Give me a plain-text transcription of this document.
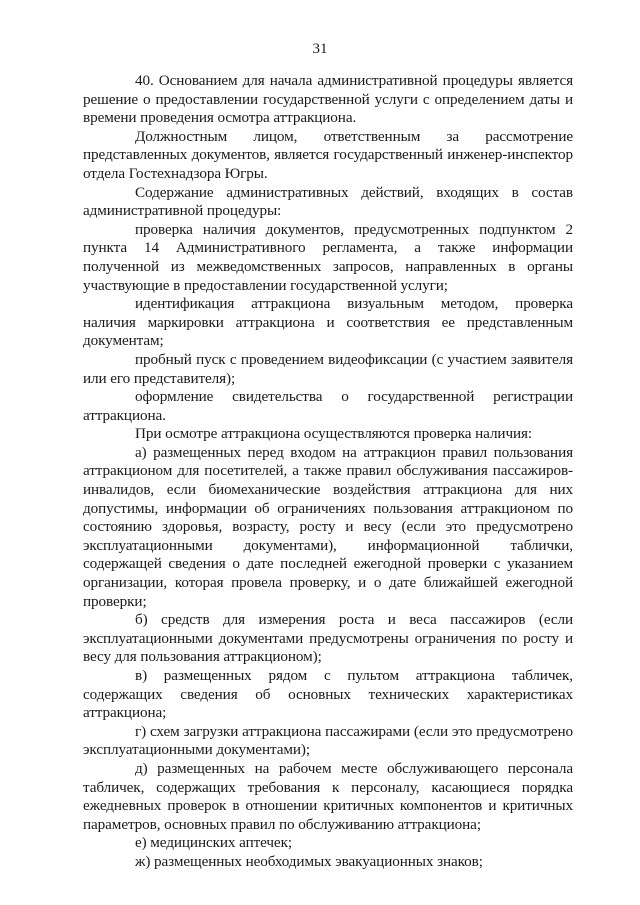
31

40. Основанием для начала административной процедуры является решение о предоставлении государственной услуги с определением даты и времени проведения осмотра аттракциона.

Должностным лицом, ответственным за рассмотрение представленных документов, является государственный инженер-инспектор отдела Гостехнадзора Югры.

Содержание административных действий, входящих в состав административной процедуры:

проверка наличия документов, предусмотренных подпунктом 2 пункта 14 Административного регламента, а также информации полученной из межведомственных запросов, направленных в органы участвующие в предоставлении государственной услуги;

идентификация аттракциона визуальным методом, проверка наличия маркировки аттракциона и соответствия ее представленным документам;

пробный пуск с проведением видеофиксации (с участием заявителя или его представителя);

оформление свидетельства о государственной регистрации аттракциона.

При осмотре аттракциона осуществляются проверка наличия:

а) размещенных перед входом на аттракцион правил пользования аттракционом для посетителей, а также правил обслуживания пассажиров-инвалидов, если биомеханические воздействия аттракциона для них допустимы, информации об ограничениях пользования аттракционом по состоянию здоровья, возрасту, росту и весу (если это предусмотрено эксплуатационными документами), информационной таблички, содержащей сведения о дате последней ежегодной проверки с указанием организации, которая провела проверку, и о дате ближайшей ежегодной проверки;

б) средств для измерения роста и веса пассажиров (если эксплуатационными документами предусмотрены ограничения по росту и весу для пользования аттракционом);

в) размещенных рядом с пультом аттракциона табличек, содержащих сведения об основных технических характеристиках аттракциона;

г) схем загрузки аттракциона пассажирами (если это предусмотрено эксплуатационными документами);

д) размещенных на рабочем месте обслуживающего персонала табличек, содержащих требования к персоналу, касающиеся порядка ежедневных проверок в отношении критичных компонентов и критичных параметров, основных правил по обслуживанию аттракциона;

е) медицинских аптечек;

ж) размещенных необходимых эвакуационных знаков;
